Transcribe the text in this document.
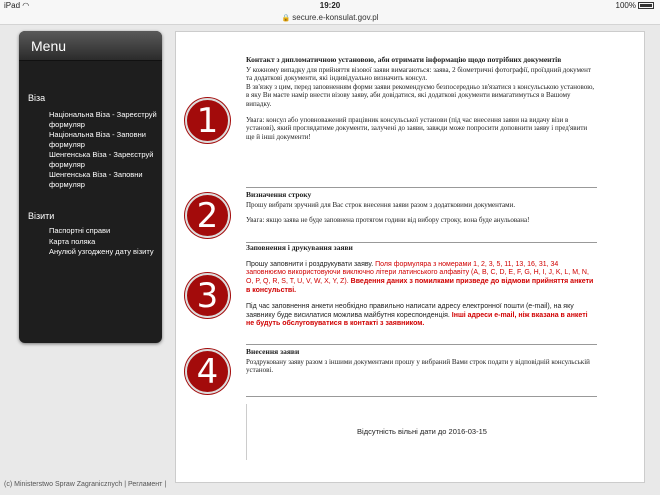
iPad ◠	19:20	100%
🔒 secure.e-konsulat.gov.pl
Menu
Віза
Національна Віза - Зареєструй формуляр
Національна Віза - Заповни формуляр
Шенгенська Віза - Зареєструй формуляр
Шенгенська Віза - Заповни формуляр
Візити
Паспортні справи
Карта поляка
Анулюй узгоджену дату візиту
1
Контакт з дипломатичною установою, аби отримати інформацію щодо потрібних документів

У кожному випадку для прийняття візової заяви вимагаються: заява, 2 біометричні фотографії, проїздний документ та додаткові документи, які індивідуально визначить консул.

В зв'язку з цим, перед заповненням форми заяви рекомендуємо безпосередньо зв'язатися з консульською установою, в яку Ви маєте намір внести візову заяву, аби довідатися, які додаткові документи вимагатимуться в Вашому випадку.

Увага: консул або уповноважений працівник консульської установи (під час внесення заяви на видачу візи в установі), який проглядатиме документи, залучені до заяви, завжди може попросити доповнити заяву і пред'явити ще й інші документи!

2
Визначення строку

Прошу вибрати зручний для Вас строк внесення заяви разом з додатковими документами.

Увага: якщо заява не буде заповнена протягом години від вибору строку, вона буде анульована!

3
Заповнення і друкування заяви

Прошу заповнити і роздрукувати заяву. Поля формуляра з номерами 1, 2, 3, 5, 11, 13, 16, 31, 34 заповнюємо використовуючи виключно літери латинського алфавіту (A, B, C, D, E, F, G, H, I, J, K, L, M, N, O, P, Q, R, S, T, U, V, W, X, Y, Z). Введення даних з помилками призведе до відмови прийняття анкети в консульстві.

Під час заповнення анкети необхідно правильно написати адресу електронної пошти (e-mail), на яку заявнику буде висилатися можлива майбутня кореспонденція. Інші адреси e-mail, ніж вказана в анкеті не будуть обслуговуватися в контакті з заявником.

4
Внесення заяви

Роздруковану заяву разом з іншими документами прошу у вибраний Вами строк подати у відповідній консульській установі.

Відсутність вільні дати до 2016-03-15
(c) Ministerstwo Spraw Zagranicznych | Регламент |
